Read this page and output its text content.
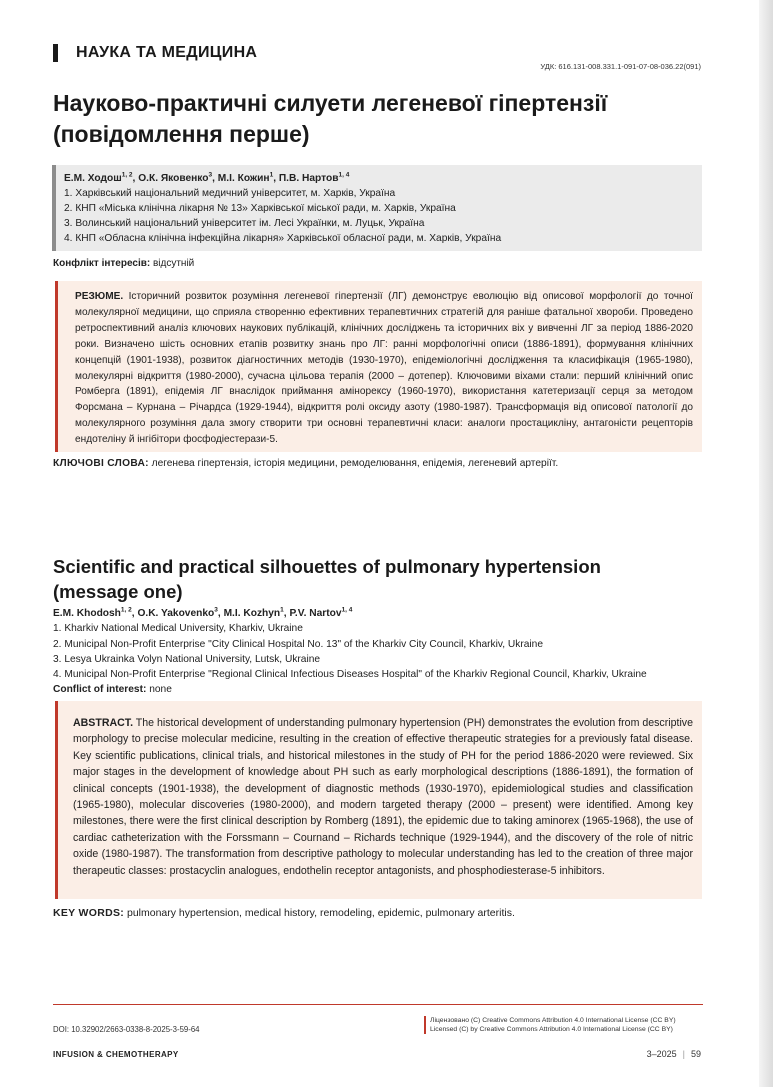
НАУКА ТА МЕДИЦИНА
УДК: 616.131-008.331.1-091-07-08-036.22(091)
Науково-практичні силуети легеневої гіпертензії
(повідомлення перше)
Е.М. Ходош$^{1, 2}$, О.К. Яковенко$^3$, М.І. Кожин$^1$, П.В. Нартов$^{1, 4}$
1. Харківський національний медичний університет, м. Харків, Україна
2. КНП «Міська клінічна лікарня № 13» Харківської міської ради, м. Харків, Україна
3. Волинський національний університет ім. Лесі Українки, м. Луцьк, Україна
4. КНП «Обласна клінічна інфекційна лікарня» Харківської обласної ради, м. Харків, Україна
Конфлікт інтересів: відсутній
РЕЗЮМЕ. Історичний розвиток розуміння легеневої гіпертензії (ЛГ) демонструє еволюцію від описової морфології до точної молекулярної медицини, що сприяла створенню ефективних терапевтичних стратегій для раніше фатальної хвороби. Проведено ретроспективний аналіз ключових наукових публікацій, клінічних досліджень та історичних віх у вивченні ЛГ за період 1886-2020 роки. Визначено шість основних етапів розвитку знань про ЛГ: ранні морфологічні описи (1886-1891), формування клінічних концепцій (1901-1938), розвиток діагностичних методів (1930-1970), епідеміологічні дослідження та класифікація (1965-1980), молекулярні відкриття (1980-2000), сучасна цільова терапія (2000 – дотепер). Ключовими віхами стали: перший клінічний опис Ромберга (1891), епідемія ЛГ внаслідок приймання амінорексу (1960-1970), використання катетеризації серця за методом Форсмана – Курнана – Річардса (1929-1944), відкриття ролі оксиду азоту (1980-1987). Трансформація від описової патології до молекулярного розуміння дала змогу створити три основні терапевтичні класи: аналоги простацикліну, антагоністи рецепторів ендотеліну й інгібітори фосфодіестерази-5.
КЛЮЧОВІ СЛОВА: легенева гіпертензія, історія медицини, ремоделювання, епідемія, легеневий артеріїт.
Scientific and practical silhouettes of pulmonary hypertension
(message one)
E.M. Khodosh$^{1, 2}$, O.K. Yakovenko$^3$, M.I. Kozhyn$^1$, P.V. Nartov$^{1, 4}$
1. Kharkiv National Medical University, Kharkiv, Ukraine
2. Municipal Non-Profit Enterprise "City Clinical Hospital No. 13" of the Kharkiv City Council, Kharkiv, Ukraine
3. Lesya Ukrainka Volyn National University, Lutsk, Ukraine
4. Municipal Non-Profit Enterprise "Regional Clinical Infectious Diseases Hospital" of the Kharkiv Regional Council, Kharkiv, Ukraine
Conflict of interest: none
ABSTRACT. The historical development of understanding pulmonary hypertension (PH) demonstrates the evolution from descriptive morphology to precise molecular medicine, resulting in the creation of effective therapeutic strategies for a previously fatal disease. Key scientific publications, clinical trials, and historical milestones in the study of PH for the period 1886-2020 were reviewed. Six major stages in the development of knowledge about PH such as early morphological descriptions (1886-1891), the formation of clinical concepts (1901-1938), the development of diagnostic methods (1930-1970), epidemiological studies and classification (1965-1980), molecular discoveries (1980-2000), and modern targeted therapy (2000 – present) were identified. Among key milestones, there were the first clinical description by Romberg (1891), the epidemic due to taking aminorex (1965-1968), the use of cardiac catheterization with the Forssmann – Cournand – Richards technique (1929-1944), and the discovery of the role of nitric oxide (1980-1987). The transformation from descriptive pathology to molecular understanding has led to the creation of three major therapeutic classes: prostacyclin analogues, endothelin receptor antagonists, and phosphodiesterase-5 inhibitors.
KEY WORDS: pulmonary hypertension, medical history, remodeling, epidemic, pulmonary arteritis.
DOI: 10.32902/2663-0338-8-2025-3-59-64
Ліцензовано (C) Creative Commons Attribution 4.0 International License (CC BY)
Licensed (C) by Creative Commons Attribution 4.0 International License (CC BY)
INFUSION & CHEMOTHERAPY	3–2025 | 59
